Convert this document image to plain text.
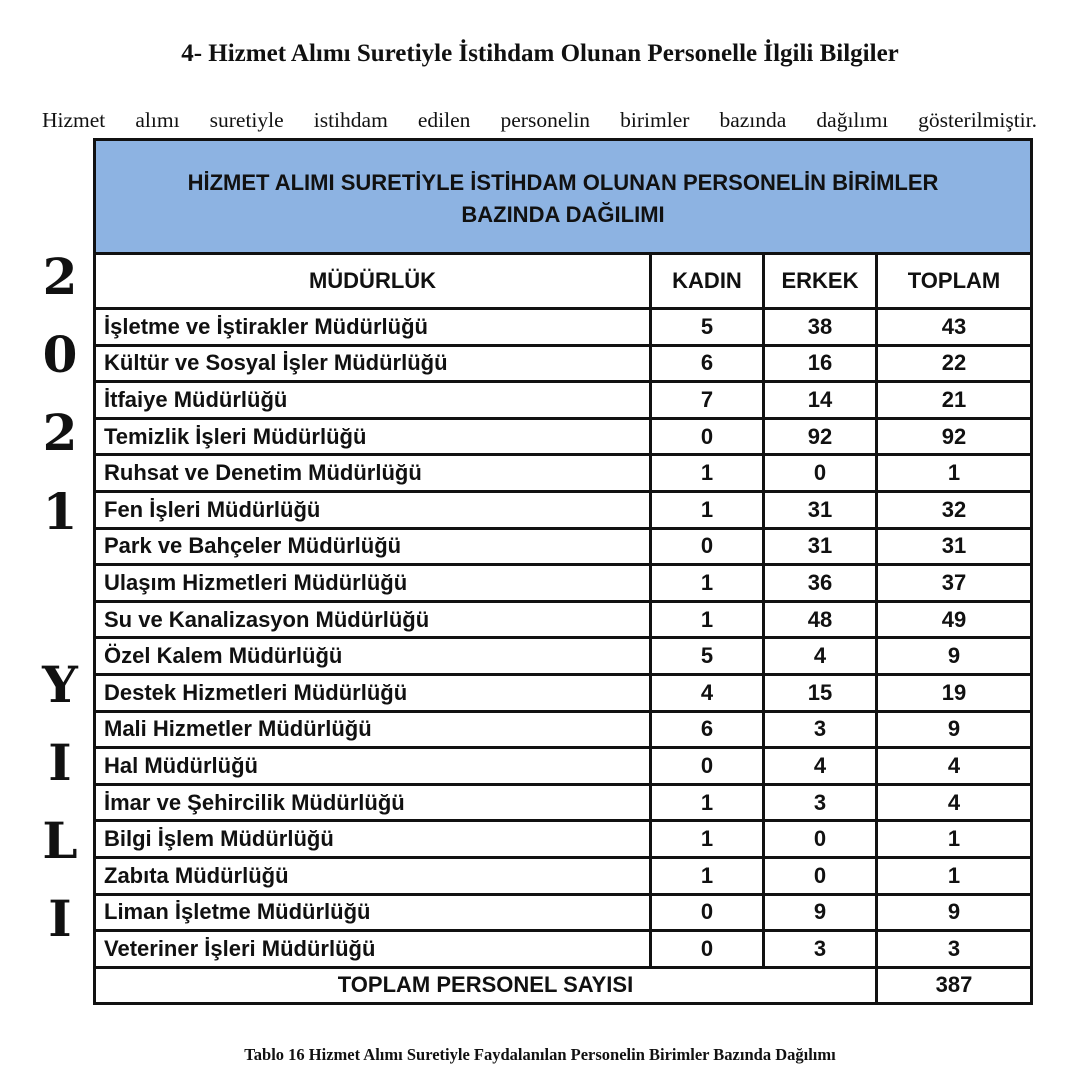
4- Hizmet Alımı Suretiyle İstihdam Olunan Personelle İlgili Bilgiler
Hizmet alımı suretiyle istihdam edilen personelin birimler bazında dağılımı gösterilmiştir.
2
0
2
1
Y
I
L
I
HİZMET ALIMI SURETİYLE İSTİHDAM OLUNAN PERSONELİN BİRİMLER
BAZINDA DAĞILIMI			

MÜDÜRLÜK	KADIN	ERKEK	TOPLAM
İşletme ve İştirakler Müdürlüğü	5	38	43
Kültür ve Sosyal İşler Müdürlüğü	6	16	22
İtfaiye Müdürlüğü	7	14	21
Temizlik İşleri Müdürlüğü	0	92	92
Ruhsat ve Denetim Müdürlüğü	1	0	1
Fen İşleri Müdürlüğü	1	31	32
Park ve Bahçeler Müdürlüğü	0	31	31
Ulaşım Hizmetleri Müdürlüğü	1	36	37
Su ve Kanalizasyon Müdürlüğü	1	48	49
Özel Kalem Müdürlüğü	5	4	9
Destek Hizmetleri Müdürlüğü	4	15	19
Mali Hizmetler Müdürlüğü	6	3	9
Hal Müdürlüğü	0	4	4
İmar ve Şehircilik Müdürlüğü	1	3	4
Bilgi İşlem Müdürlüğü	1	0	1
Zabıta Müdürlüğü	1	0	1
Liman İşletme Müdürlüğü	0	9	9
Veteriner İşleri Müdürlüğü	0	3	3
TOPLAM PERSONEL SAYISI			387
Tablo 16 Hizmet Alımı Suretiyle Faydalanılan Personelin Birimler Bazında Dağılımı
